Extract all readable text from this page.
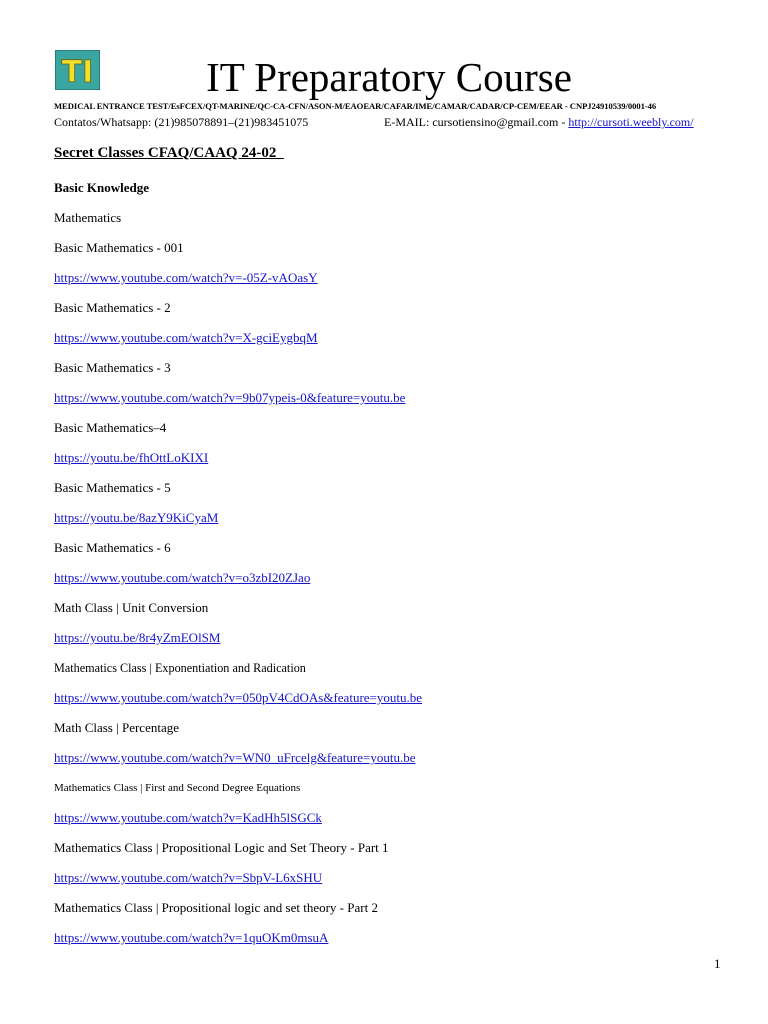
TI	IT Preparatory Course
MEDICAL ENTRANCE TEST/EsFCEX/QT-MARINE/QC-CA-CFN/ASON-M/EAOEAR/CAFAR/IME/CAMAR/CADAR/CP-CEM/EEAR - CNPJ24910539/0001-46
Contatos/Whatsapp: (21)985078891–(21)983451075	E-MAIL: cursotiensino@gmail.com - http://cursoti.weebly.com/
Secret Classes CFAQ/CAAQ 24-02
Basic Knowledge
Mathematics
Basic Mathematics - 001
https://www.youtube.com/watch?v=-05Z-vAOasY
Basic Mathematics - 2
https://www.youtube.com/watch?v=X-gciEygbqM
Basic Mathematics - 3
https://www.youtube.com/watch?v=9b07ypeis-0&feature=youtu.be
Basic Mathematics–4
https://youtu.be/fhOttLoKIXI
Basic Mathematics - 5
https://youtu.be/8azY9KiCyaM
Basic Mathematics - 6
https://www.youtube.com/watch?v=o3zbI20ZJao
Math Class | Unit Conversion
https://youtu.be/8r4yZmEOlSM
Mathematics Class | Exponentiation and Radication
https://www.youtube.com/watch?v=050pV4CdOAs&feature=youtu.be
Math Class | Percentage
https://www.youtube.com/watch?v=WN0_uFrcelg&feature=youtu.be
Mathematics Class | First and Second Degree Equations
https://www.youtube.com/watch?v=KadHh5lSGCk
Mathematics Class | Propositional Logic and Set Theory - Part 1
https://www.youtube.com/watch?v=SbpV-L6xSHU
Mathematics Class | Propositional logic and set theory - Part 2
https://www.youtube.com/watch?v=1quOKm0msuA
1
